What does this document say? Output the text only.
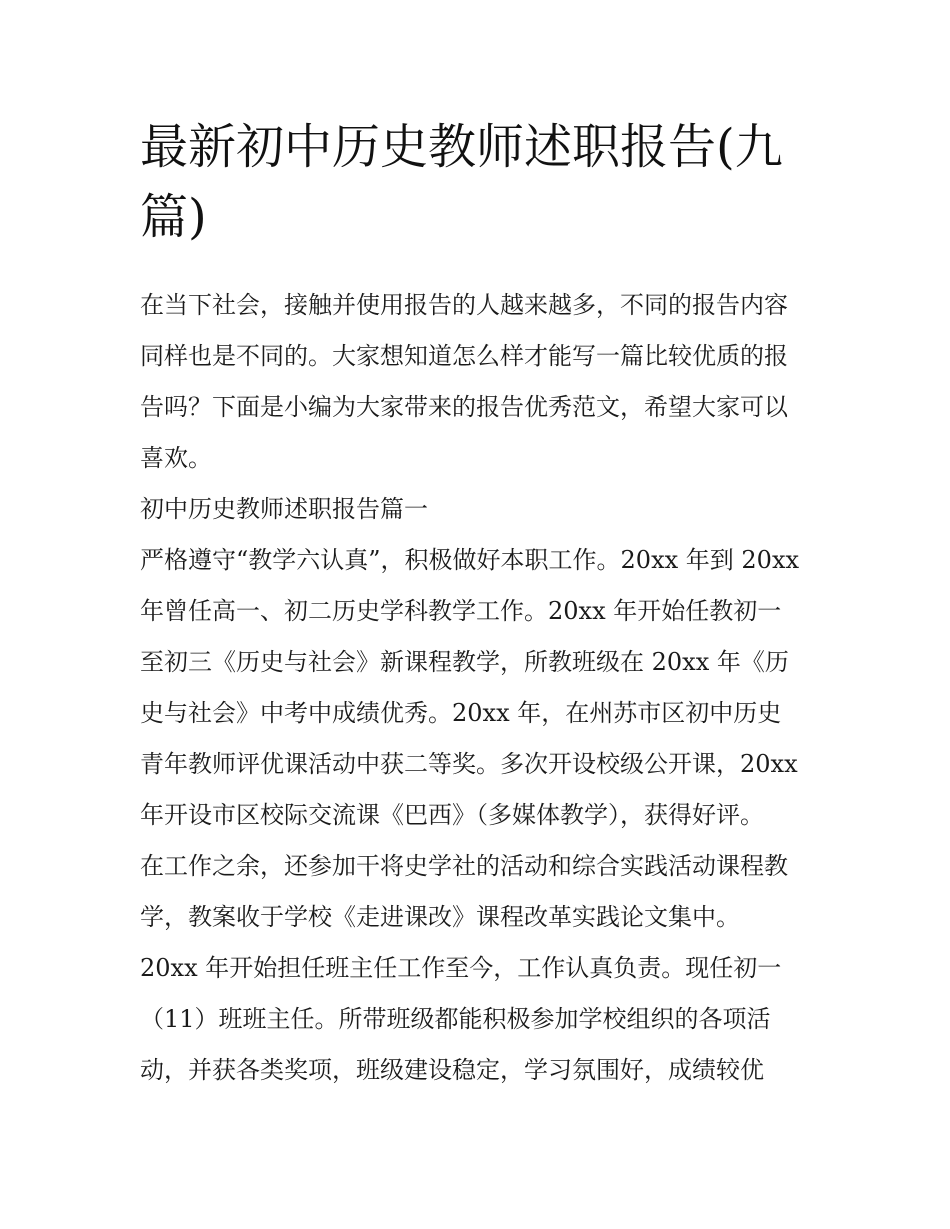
最新初中历史教师述职报告(九
篇)
在当下社会，接触并使用报告的人越来越多，不同的报告内容
同样也是不同的。大家想知道怎么样才能写一篇比较优质的报
告吗？下面是小编为大家带来的报告优秀范文，希望大家可以
喜欢。
初中历史教师述职报告篇一
严格遵守“教学六认真”，积极做好本职工作。20xx 年到 20xx
年曾任高一、初二历史学科教学工作。20xx 年开始任教初一
至初三《历史与社会》新课程教学，所教班级在 20xx 年《历
史与社会》中考中成绩优秀。20xx 年，在州苏市区初中历史
青年教师评优课活动中获二等奖。多次开设校级公开课，20xx
年开设市区校际交流课《巴西》（多媒体教学），获得好评。
在工作之余，还参加干将史学社的活动和综合实践活动课程教
学，教案收于学校《走进课改》课程改革实践论文集中。
20xx 年开始担任班主任工作至今，工作认真负责。现任初一
（11）班班主任。所带班级都能积极参加学校组织的各项活
动，并获各类奖项，班级建设稳定，学习氛围好，成绩较优
